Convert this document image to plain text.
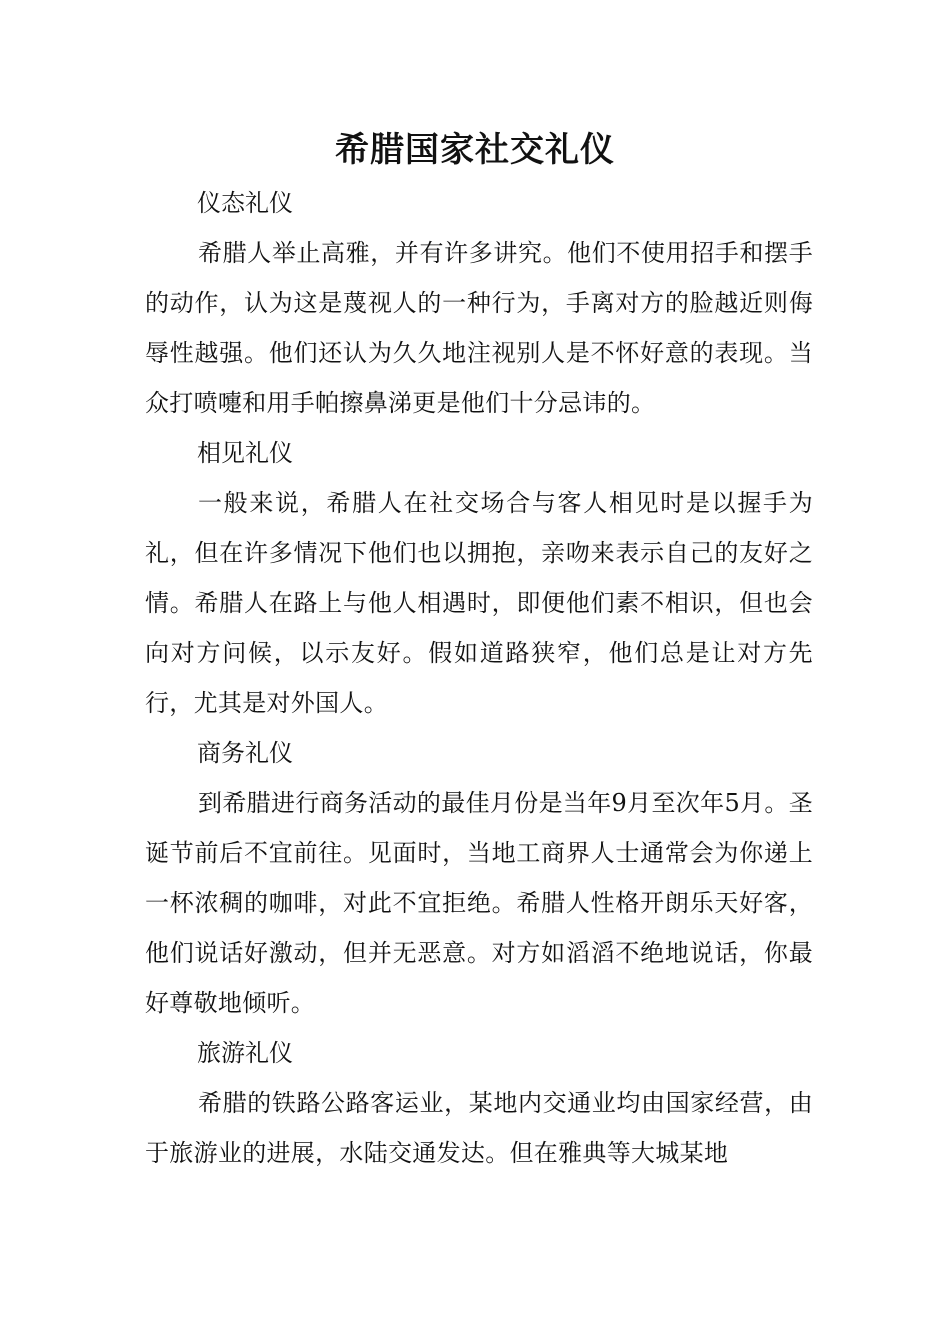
希腊国家社交礼仪
仪态礼仪

希腊人举止高雅，并有许多讲究。他们不使用招手和摆手的动作，认为这是蔑视人的一种行为，手离对方的脸越近则侮辱性越强。他们还认为久久地注视别人是不怀好意的表现。当众打喷嚏和用手帕擦鼻涕更是他们十分忌讳的。

相见礼仪

一般来说，希腊人在社交场合与客人相见时是以握手为礼，但在许多情况下他们也以拥抱，亲吻来表示自己的友好之情。希腊人在路上与他人相遇时，即便他们素不相识，但也会向对方问候，以示友好。假如道路狭窄，他们总是让对方先行，尤其是对外国人。

商务礼仪

到希腊进行商务活动的最佳月份是当年9月至次年5月。圣诞节前后不宜前往。见面时，当地工商界人士通常会为你递上一杯浓稠的咖啡，对此不宜拒绝。希腊人性格开朗乐天好客，他们说话好激动，但并无恶意。对方如滔滔不绝地说话，你最好尊敬地倾听。

旅游礼仪

希腊的铁路公路客运业，某地内交通业均由国家经营，由于旅游业的进展，水陆交通发达。但在雅典等大城某地
